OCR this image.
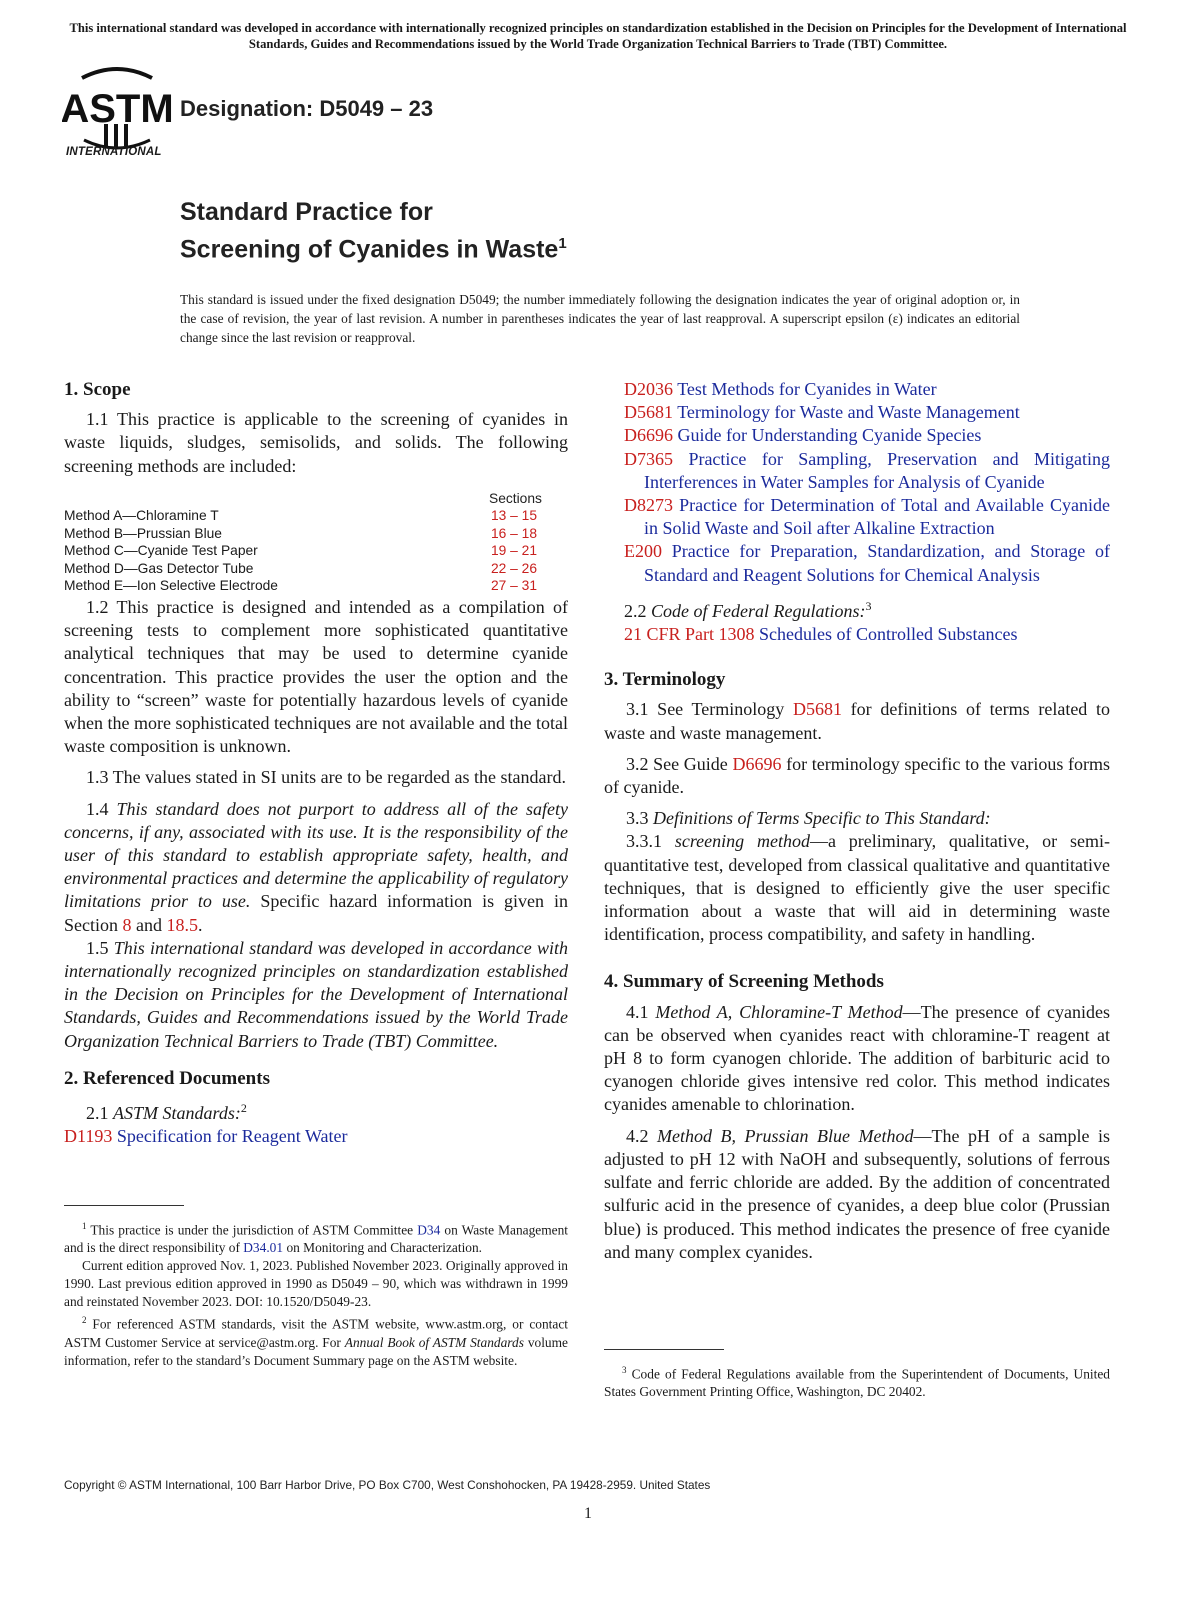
This international standard was developed in accordance with internationally recognized principles on standardization established in the Decision on Principles for the Development of International Standards, Guides and Recommendations issued by the World Trade Organization Technical Barriers to Trade (TBT) Committee.
ASTM
INTERNATIONAL
Designation: D5049 – 23
Standard Practice for
Screening of Cyanides in Waste$^1$
This standard is issued under the fixed designation D5049; the number immediately following the designation indicates the year of original adoption or, in the case of revision, the year of last revision. A number in parentheses indicates the year of last reapproval. A superscript epsilon (ε) indicates an editorial change since the last revision or reapproval.
1. Scope

1.1 This practice is applicable to the screening of cyanides in waste liquids, sludges, semisolids, and solids. The following screening methods are included:

Sections
Method A—Chloramine T	13 – 15
Method B—Prussian Blue	16 – 18
Method C—Cyanide Test Paper	19 – 21
Method D—Gas Detector Tube	22 – 26
Method E—Ion Selective Electrode	27 – 31

1.2 This practice is designed and intended as a compilation of screening tests to complement more sophisticated quantitative analytical techniques that may be used to determine cyanide concentration. This practice provides the user the option and the ability to “screen” waste for potentially hazardous levels of cyanide when the more sophisticated techniques are not available and the total waste composition is unknown.

1.3 The values stated in SI units are to be regarded as the standard.

1.4 This standard does not purport to address all of the safety concerns, if any, associated with its use. It is the responsibility of the user of this standard to establish appropriate safety, health, and environmental practices and determine the applicability of regulatory limitations prior to use. Specific hazard information is given in Section 8 and 18.5.

1.5 This international standard was developed in accordance with internationally recognized principles on standardization established in the Decision on Principles for the Development of International Standards, Guides and Recommendations issued by the World Trade Organization Technical Barriers to Trade (TBT) Committee.

2. Referenced Documents

2.1 ASTM Standards:$^2$

D1193 Specification for Reagent Water

$^1$ This practice is under the jurisdiction of ASTM Committee D34 on Waste Management and is the direct responsibility of D34.01 on Monitoring and Characterization.

Current edition approved Nov. 1, 2023. Published November 2023. Originally approved in 1990. Last previous edition approved in 1990 as D5049 – 90, which was withdrawn in 1999 and reinstated November 2023. DOI: 10.1520/D5049-23.

$^2$ For referenced ASTM standards, visit the ASTM website, www.astm.org, or contact ASTM Customer Service at service@astm.org. For Annual Book of ASTM Standards volume information, refer to the standard’s Document Summary page on the ASTM website.

D2036 Test Methods for Cyanides in Water

D5681 Terminology for Waste and Waste Management

D6696 Guide for Understanding Cyanide Species

D7365 Practice for Sampling, Preservation and Mitigating Interferences in Water Samples for Analysis of Cyanide

D8273 Practice for Determination of Total and Available Cyanide in Solid Waste and Soil after Alkaline Extraction

E200 Practice for Preparation, Standardization, and Storage of Standard and Reagent Solutions for Chemical Analysis

2.2 Code of Federal Regulations:$^3$

21 CFR Part 1308 Schedules of Controlled Substances

3. Terminology

3.1 See Terminology D5681 for definitions of terms related to waste and waste management.

3.2 See Guide D6696 for terminology specific to the various forms of cyanide.

3.3 Definitions of Terms Specific to This Standard:

3.3.1 screening method—a preliminary, qualitative, or semi-quantitative test, developed from classical qualitative and quantitative techniques, that is designed to efficiently give the user specific information about a waste that will aid in determining waste identification, process compatibility, and safety in handling.

4. Summary of Screening Methods

4.1 Method A, Chloramine-T Method—The presence of cyanides can be observed when cyanides react with chloramine-T reagent at pH 8 to form cyanogen chloride. The addition of barbituric acid to cyanogen chloride gives intensive red color. This method indicates cyanides amenable to chlorination.

4.2 Method B, Prussian Blue Method—The pH of a sample is adjusted to pH 12 with NaOH and subsequently, solutions of ferrous sulfate and ferric chloride are added. By the addition of concentrated sulfuric acid in the presence of cyanides, a deep blue color (Prussian blue) is produced. This method indicates the presence of free cyanide and many complex cyanides.

$^3$ Code of Federal Regulations available from the Superintendent of Documents, United States Government Printing Office, Washington, DC 20402.

Copyright © ASTM International, 100 Barr Harbor Drive, PO Box C700, West Conshohocken, PA 19428-2959. United States
1
